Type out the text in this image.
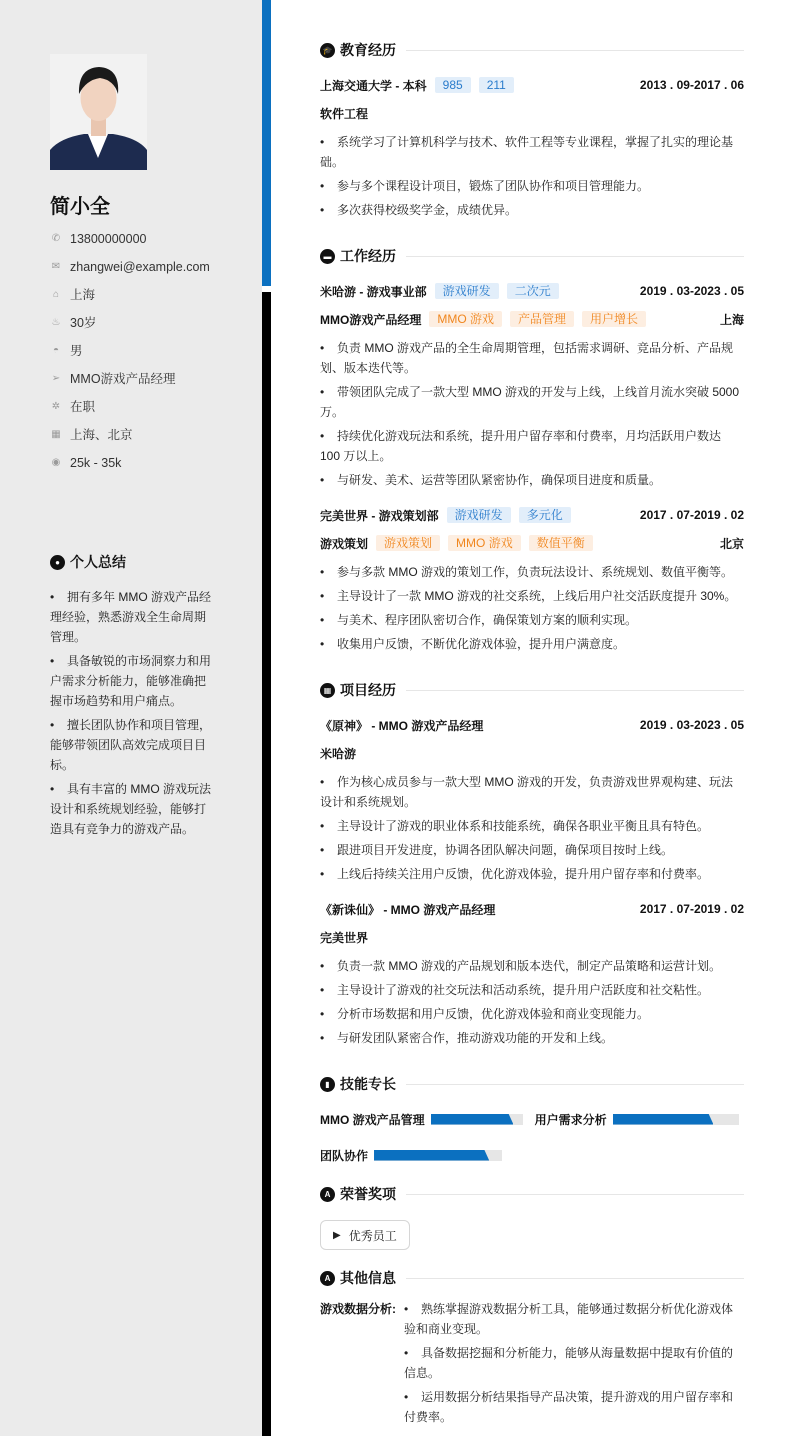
简小全
✆ 13800000000
✉ zhangwei@example.com
⌂ 上海
♨ 30岁
◓ 男
➢ MMO游戏产品经理
✲ 在职
▦ 上海、北京
◉ 25k - 35k
● 个人总结
• 拥有多年 MMO 游戏产品经理经验，熟悉游戏全生命周期管理。
• 具备敏锐的市场洞察力和用户需求分析能力，能够准确把握市场趋势和用户痛点。
• 擅长团队协作和项目管理，能够带领团队高效完成项目目标。
• 具有丰富的 MMO 游戏玩法设计和系统规划经验，能够打造具有竞争力的游戏产品。
🎓 教育经历
上海交通大学 - 本科	985	211	2013 . 09-2017 . 06
软件工程
• 系统学习了计算机科学与技术、软件工程等专业课程，掌握了扎实的理论基础。
• 参与多个课程设计项目，锻炼了团队协作和项目管理能力。
• 多次获得校级奖学金，成绩优异。
▬ 工作经历
米哈游 - 游戏事业部	游戏研发	二次元	2019 . 03-2023 . 05
MMO游戏产品经理	MMO 游戏	产品管理	用户增长	上海
• 负责 MMO 游戏产品的全生命周期管理，包括需求调研、竞品分析、产品规划、版本迭代等。
• 带领团队完成了一款大型 MMO 游戏的开发与上线，上线首月流水突破 5000 万。
• 持续优化游戏玩法和系统，提升用户留存率和付费率，月均活跃用户数达 100 万以上。
• 与研发、美术、运营等团队紧密协作，确保项目进度和质量。
完美世界 - 游戏策划部	游戏研发	多元化	2017 . 07-2019 . 02
游戏策划	游戏策划	MMO 游戏	数值平衡	北京
• 参与多款 MMO 游戏的策划工作，负责玩法设计、系统规划、数值平衡等。
• 主导设计了一款 MMO 游戏的社交系统，上线后用户社交活跃度提升 30%。
• 与美术、程序团队密切合作，确保策划方案的顺利实现。
• 收集用户反馈，不断优化游戏体验，提升用户满意度。
▦ 项目经历
《原神》 - MMO 游戏产品经理	2019 . 03-2023 . 05
米哈游
• 作为核心成员参与一款大型 MMO 游戏的开发，负责游戏世界观构建、玩法设计和系统规划。
• 主导设计了游戏的职业体系和技能系统，确保各职业平衡且具有特色。
• 跟进项目开发进度，协调各团队解决问题，确保项目按时上线。
• 上线后持续关注用户反馈，优化游戏体验，提升用户留存率和付费率。
《新诛仙》 - MMO 游戏产品经理	2017 . 07-2019 . 02
完美世界
• 负责一款 MMO 游戏的产品规划和版本迭代，制定产品策略和运营计划。
• 主导设计了游戏的社交玩法和活动系统，提升用户活跃度和社交粘性。
• 分析市场数据和用户反馈，优化游戏体验和商业变现能力。
• 与研发团队紧密合作，推动游戏功能的开发和上线。
▮ 技能专长
MMO 游戏产品管理	用户需求分析
团队协作
A 荣誉奖项
▶ 优秀员工
A 其他信息
游戏数据分析: • 熟练掌握游戏数据分析工具，能够通过数据分析优化游戏体验和商业变现。
• 具备数据挖掘和分析能力，能够从海量数据中提取有价值的信息。
• 运用数据分析结果指导产品决策，提升游戏的用户留存率和付费率。
